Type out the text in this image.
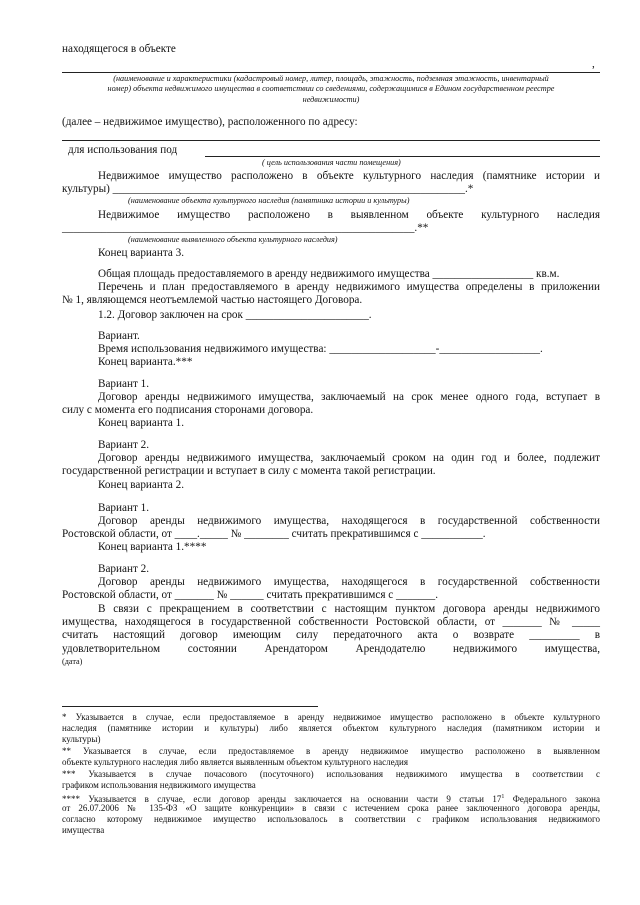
находящегося в объекте
,
(наименование и характеристики (кадастровый номер, литер, площадь, этажность, подземная этажность, инвентарный
номер) объекта недвижимого имущества в соответствии со сведениями, содержащимися в Едином государственном реестре
недвижимости)
(далее – недвижимое имущество), расположенного по адресу:
для использования под
( цель использования части помещения)
Недвижимое имущество расположено в объекте культурного наследия (памятнике истории и
культуры) _______________________________________________________________.*
(наименование объекта культурного наследия (памятника истории и культуры)
Недвижимое имущество расположено в выявленном объекте культурного наследия
_______________________________________________________________.**
(наименование выявленного объекта культурного наследия)
Конец варианта 3.
Общая площадь предоставляемого в аренду недвижимого имущества __________________ кв.м.
Перечень и план предоставляемого в аренду недвижимого имущества определены в приложении
№ 1, являющемся неотъемлемой частью настоящего Договора.
1.2. Договор заключен на срок ______________________.
Вариант.
Время использования недвижимого имущества: ___________________-__________________.
Конец варианта.***
Вариант 1.
Договор аренды недвижимого имущества, заключаемый на срок менее одного года, вступает в
силу с момента его подписания сторонами договора.
Конец варианта 1.
Вариант 2.
Договор аренды недвижимого имущества, заключаемый сроком на один год и более, подлежит
государственной регистрации и вступает в силу с момента такой регистрации.
Конец варианта 2.
Вариант 1.
Договор аренды недвижимого имущества, находящегося в государственной собственности
Ростовской области, от ____._____ № ________ считать прекратившимся с ___________.
Конец варианта 1.****
Вариант 2.
Договор аренды недвижимого имущества, находящегося в государственной собственности
Ростовской области, от _______ № ______ считать прекратившимся с _______.
В связи с прекращением в соответствии с настоящим пунктом договора аренды недвижимого
имущества, находящегося в государственной собственности Ростовской области, от _______ № _____
считать настоящий договор имеющим силу передаточного акта о возврате _________ в
удовлетворительном состоянии Арендатором Арендодателю недвижимого имущества,
(дата)
* Указывается в случае, если предоставляемое в аренду недвижимое имущество расположено в объекте культурного
наследия (памятнике истории и культуры) либо является объектом культурного наследия (памятником истории и
культуры)
** Указывается в случае, если предоставляемое в аренду недвижимое имущество расположено в выявленном
объекте культурного наследия либо является выявленным объектом культурного наследия
*** Указывается в случае почасового (посуточного) использования недвижимого имущества в соответствии с
графиком использования недвижимого имущества
**** Указывается в случае, если договор аренды заключается на основании части 9 статьи $17^1$ Федерального закона
от 26.07.2006 № 135-ФЗ «О защите конкуренции» в связи с истечением срока ранее заключенного договора аренды,
согласно которому недвижимое имущество использовалось в соответствии с графиком использования недвижимого
имущества
